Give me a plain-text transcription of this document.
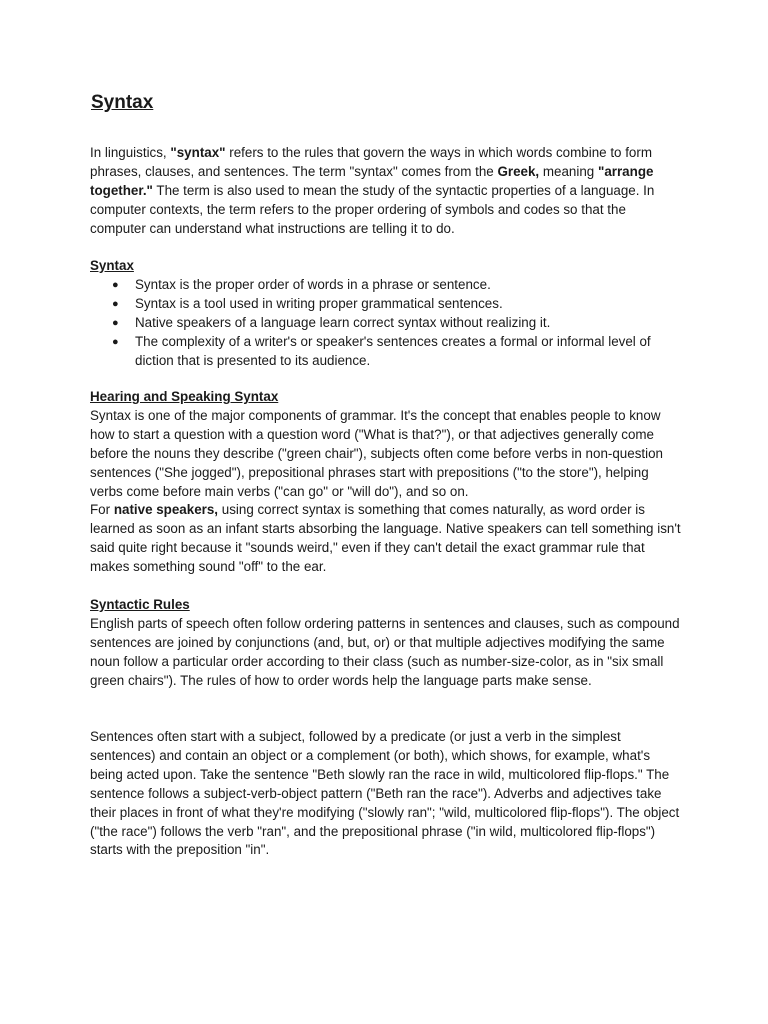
Syntax

In linguistics, "syntax" refers to the rules that govern the ways in which words combine to form phrases, clauses, and sentences. The term "syntax" comes from the Greek, meaning "arrange together." The term is also used to mean the study of the syntactic properties of a language. In computer contexts, the term refers to the proper ordering of symbols and codes so that the computer can understand what instructions are telling it to do.

Syntax
● Syntax is the proper order of words in a phrase or sentence.
● Syntax is a tool used in writing proper grammatical sentences.
● Native speakers of a language learn correct syntax without realizing it.
● The complexity of a writer's or speaker's sentences creates a formal or informal level of diction that is presented to its audience.
Hearing and Speaking Syntax
Syntax is one of the major components of grammar. It's the concept that enables people to know how to start a question with a question word ("What is that?"), or that adjectives generally come before the nouns they describe ("green chair"), subjects often come before verbs in non-question sentences ("She jogged"), prepositional phrases start with prepositions ("to the store"), helping verbs come before main verbs ("can go" or "will do"), and so on.
For native speakers, using correct syntax is something that comes naturally, as word order is learned as soon as an infant starts absorbing the language. Native speakers can tell something isn't said quite right because it "sounds weird," even if they can't detail the exact grammar rule that makes something sound "off" to the ear.
Syntactic Rules
English parts of speech often follow ordering patterns in sentences and clauses, such as compound sentences are joined by conjunctions (and, but, or) or that multiple adjectives modifying the same noun follow a particular order according to their class (such as number-size-color, as in "six small green chairs"). The rules of how to order words help the language parts make sense.

Sentences often start with a subject, followed by a predicate (or just a verb in the simplest sentences) and contain an object or a complement (or both), which shows, for example, what's being acted upon. Take the sentence "Beth slowly ran the race in wild, multicolored flip-flops." The sentence follows a subject-verb-object pattern ("Beth ran the race"). Adverbs and adjectives take their places in front of what they're modifying ("slowly ran"; "wild, multicolored flip-flops"). The object ("the race") follows the verb "ran", and the prepositional phrase ("in wild, multicolored flip-flops") starts with the preposition "in".
